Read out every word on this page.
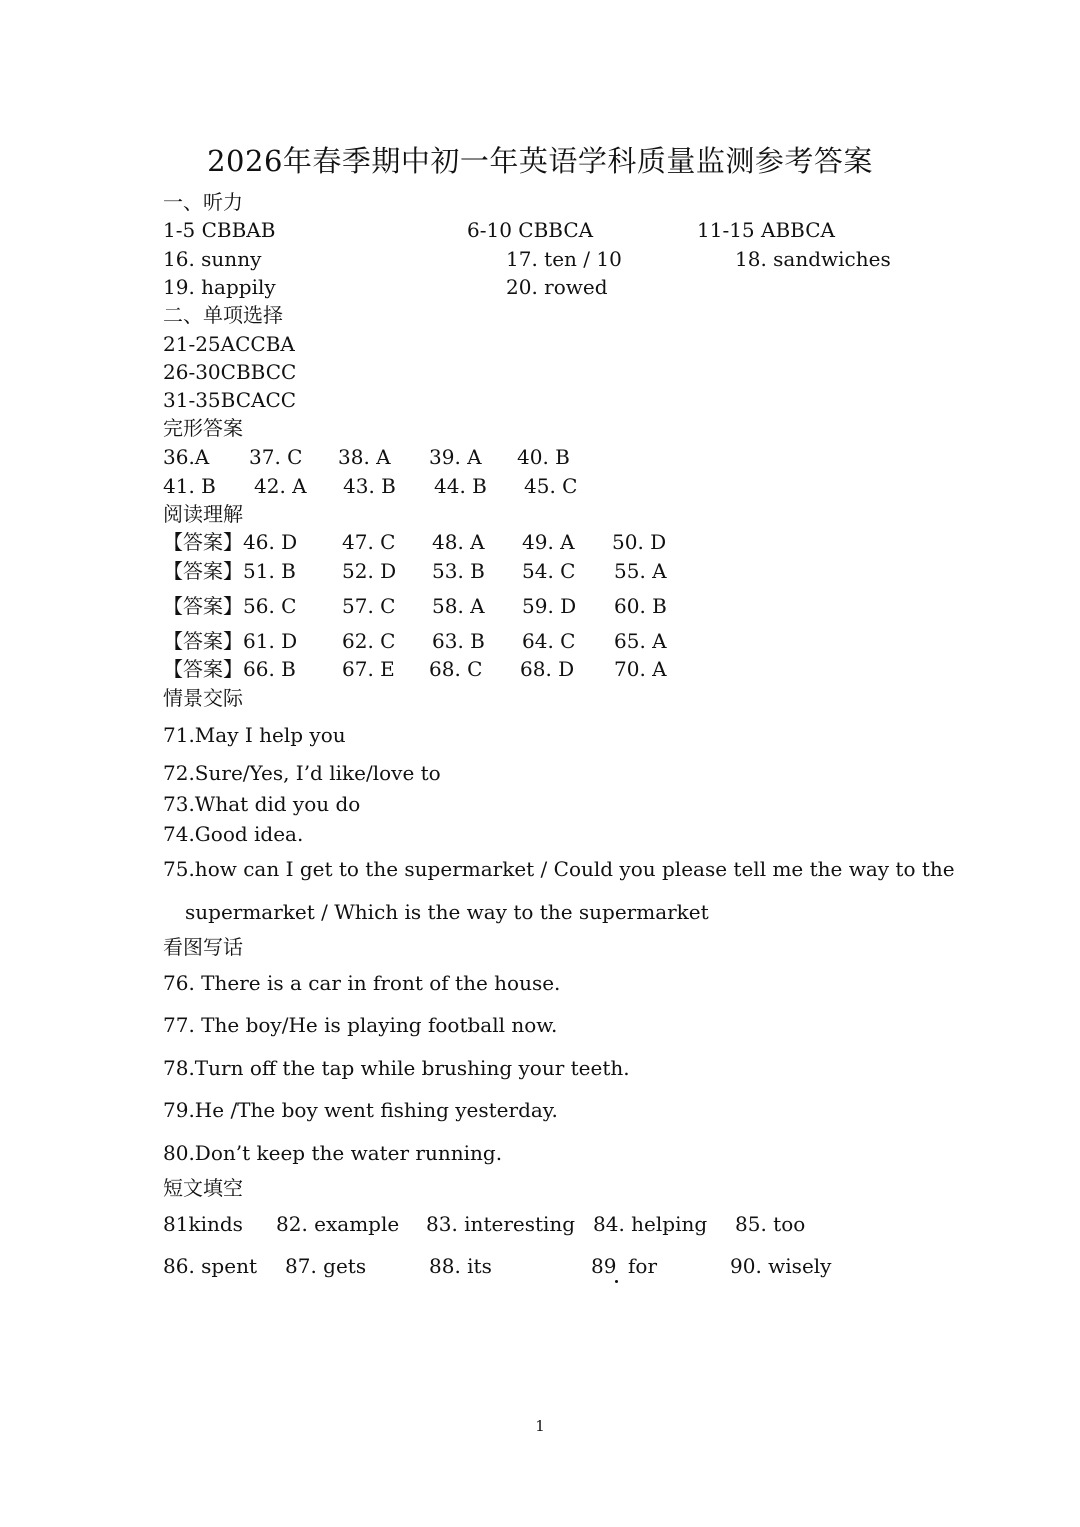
2026年春季期中初一年英语学科质量监测参考答案
一、听力
1-5 CBBAB	6-10 CBBCA	11-15 ABBCA
16. sunny	17. ten / 10	18. sandwiches
19. happily	20. rowed
二、单项选择
21-25ACCBA
26-30CBBCC
31-35BCACC
完形答案
36.A 37. C 38. A 39. A 40. B
41. B 42. A 43. B 44. B 45. C
阅读理解
【答案】46. D 47. C 48. A 49. A 50. D
【答案】51. B 52. D 53. B 54. C 55. A
【答案】56. C 57. C 58. A 59. D 60. B
【答案】61. D 62. C 63. B 64. C 65. A
【答案】66. B 67. E 68. C 68. D 70. A
情景交际
71.May I help you
72.Sure/Yes, I’d like/love to
73.What did you do
74.Good idea.
75.how can I get to the supermarket / Could you please tell me the way to the
supermarket / Which is the way to the supermarket
看图写话
76. There is a car in front of the house.
77. The boy/He is playing football now.
78.Turn off the tap while brushing your teeth.
79.He /The boy went fishing yesterday.
80.Don’t keep the water running.
短文填空
81kinds 82. example 83. interesting 84. helping 85. too
86. spent 87. gets	88. its	89 for	90. wisely
1
